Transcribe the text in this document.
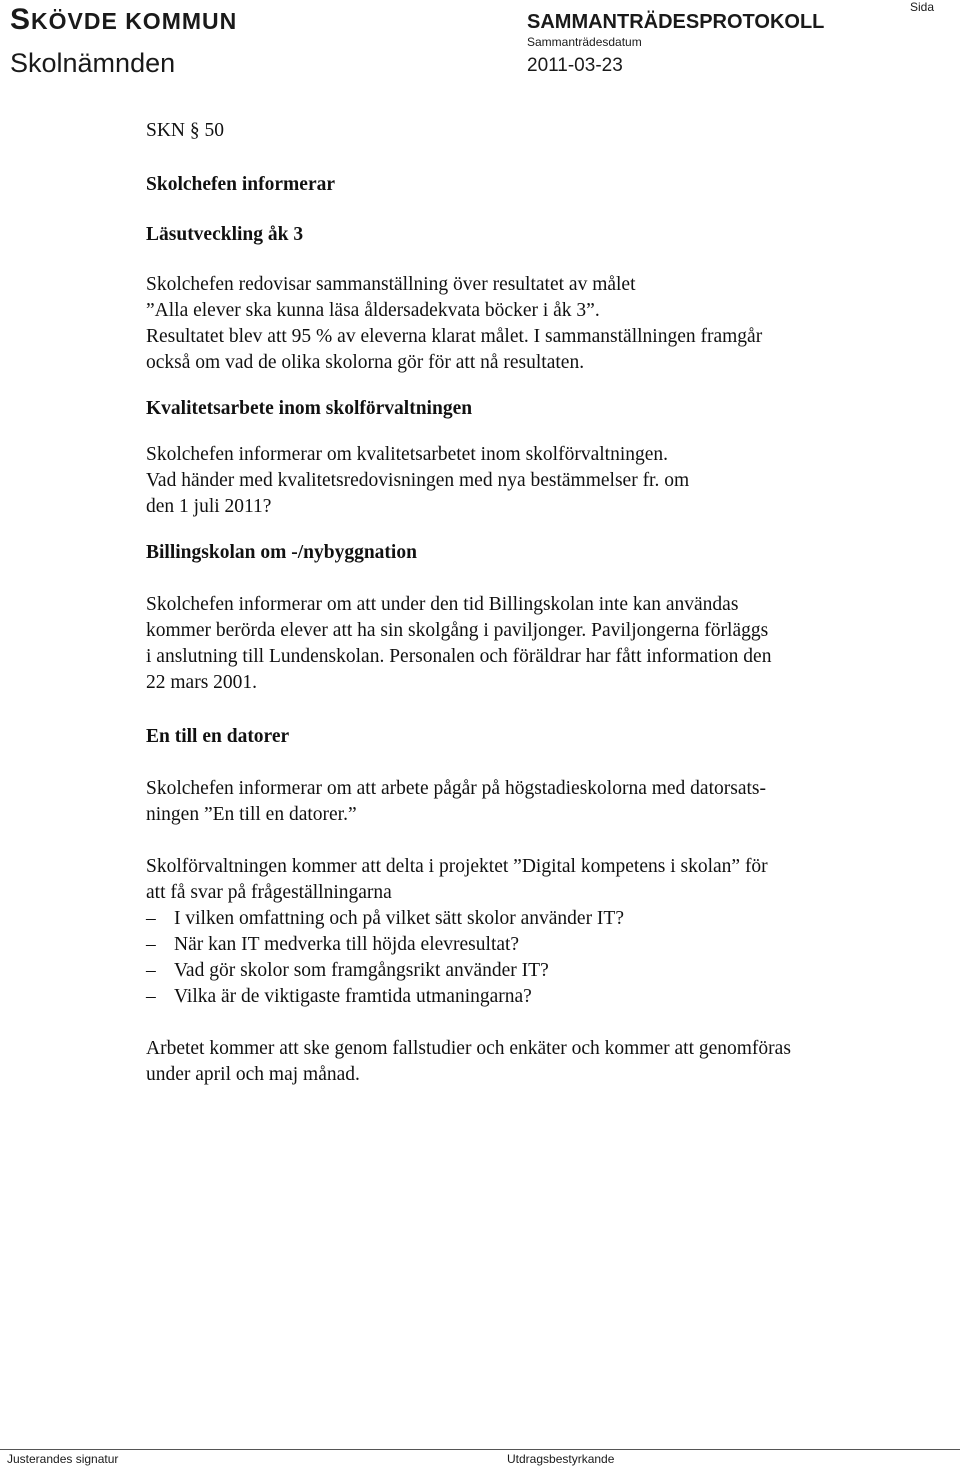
SKÖVDE KOMMUN
Skolnämnden
SAMMANTRÄDESPROTOKOLL
Sammanträdesdatum
2011-03-23
Sida

SKN § 50

Skolchefen informerar

Läsutveckling åk 3

Skolchefen redovisar sammanställning över resultatet av målet
”Alla elever ska kunna läsa åldersadekvata böcker i åk 3”.
Resultatet blev att 95 % av eleverna klarat målet. I sammanställningen framgår
också om vad de olika skolorna gör för att nå resultaten.

Kvalitetsarbete inom skolförvaltningen

Skolchefen informerar om kvalitetsarbetet inom skolförvaltningen.
Vad händer med kvalitetsredovisningen med nya bestämmelser fr. om
den 1 juli 2011?

Billingskolan om -/nybyggnation

Skolchefen informerar om att under den tid Billingskolan inte kan användas
kommer berörda elever att ha sin skolgång i paviljonger. Paviljongerna förläggs
i anslutning till Lundenskolan. Personalen och föräldrar har fått information den
22 mars 2001.

En till en datorer

Skolchefen informerar om att arbete pågår på högstadieskolorna med datorsats-
ningen ”En till en datorer.”

Skolförvaltningen kommer att delta i projektet ”Digital kompetens i skolan” för
att få svar på frågeställningarna

– I vilken omfattning och på vilket sätt skolor använder IT?
– När kan IT medverka till höjda elevresultat?
– Vad gör skolor som framgångsrikt använder IT?
– Vilka är de viktigaste framtida utmaningarna?

Arbetet kommer att ske genom fallstudier och enkäter och kommer att genomföras
under april och maj månad.

Justerandes signatur	Utdragsbestyrkande
